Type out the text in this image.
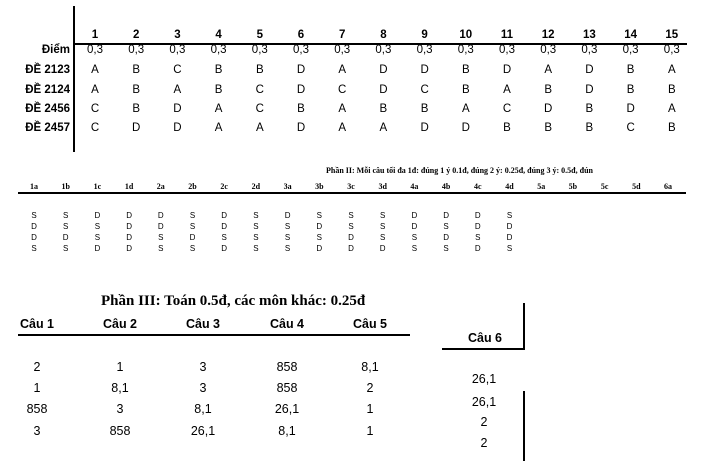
1	2	3	4	5	6	7	8	9	10	11	12	13	14	15
Điểm	0,3	0,3	0,3	0,3	0,3	0,3	0,3	0,3	0,3	0,3	0,3	0,3	0,3	0,3	0,3
ĐỀ 2123	A	B	C	B	B	D	A	D	D	B	D	A	D	B	A
ĐỀ 2124	A	B	A	B	C	D	C	D	C	B	A	B	D	B	B
ĐỀ 2456	C	B	D	A	C	B	A	B	B	A	C	D	B	D	A
ĐỀ 2457	C	D	D	A	A	D	A	A	D	D	B	B	B	C	B
Phần II: Mỗi câu tối đa 1đ: đúng 1 ý 0.1đ, đúng 2 ý: 0.25đ, đúng 3 ý: 0.5đ, đún
1a	1b	1c	1d	2a	2b	2c	2d	3a	3b	3c	3d	4a	4b	4c	4d	5a	5b	5c	5d	6a
S	S	D	D	D	S	D	S	D	S	S	S	D	D	D	S
D	S	S	D	D	S	D	S	S	D	S	S	D	S	D	D
D	D	S	D	S	D	S	S	S	S	D	S	S	D	S	D
S	S	D	D	S	S	D	S	S	D	D	D	S	S	D	S
Phần III: Toán 0.5đ, các môn khác: 0.25đ
Câu 1	Câu 2	Câu 3	Câu 4	Câu 5
2	1	3	858	8,1
1	8,1	3	858	2
858	3	8,1	26,1	1
3	858	26,1	8,1	1
Câu 6
26,1
26,1
2
2
